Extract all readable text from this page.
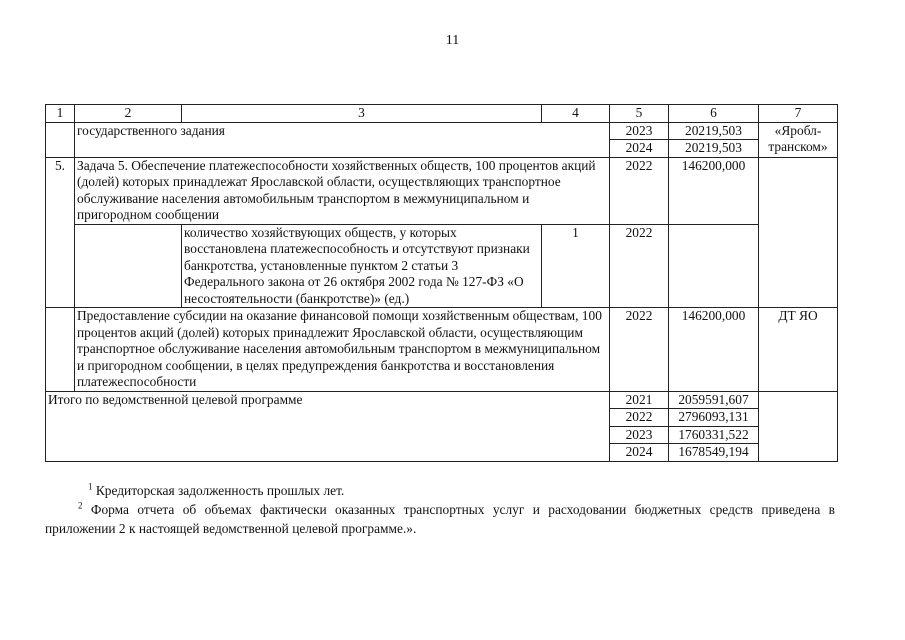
11
1	2	3	4	5	6	7
	государственного задания			2023	20219,503	«Яробл-
транском»
				2024	20219,503	
5.	Задача 5. Обеспечение платежеспособности хозяйственных обществ, 100 процентов акций (долей) которых принадлежат Ярославской области, осуществляющих транспортное обслуживание населения автомобильным транспортом в межмуниципальном и пригородном сообщении			2022	146200,000	
		количество хозяйствующих обществ, у которых восстановлена платежеспособность и отсутствуют признаки банкротства, установленные пунктом 2 статьи 3 Федерального закона от 26 октября 2002 года № 127-ФЗ «О несостоятельности (банкротстве)» (ед.)	1	2022		
	Предоставление субсидии на оказание финансовой помощи хозяйственным обществам, 100 процентов акций (долей) которых принадлежит Ярославской области, осуществляющим транспортное обслуживание населения автомобильным транспортом в межмуниципальном и пригородном сообщении, в целях предупреждения банкротства и восстановления платежеспособности			2022	146200,000	ДТ ЯО
Итого по ведомственной целевой программе				2021	2059591,607	
				2022	2796093,131	
				2023	1760331,522	
				2024	1678549,194	
$^1$ Кредиторская задолженность прошлых лет.
$^2$ Форма отчета об объемах фактически оказанных транспортных услуг и расходовании бюджетных средств приведена в приложении 2 к настоящей ведомственной целевой программе.».
